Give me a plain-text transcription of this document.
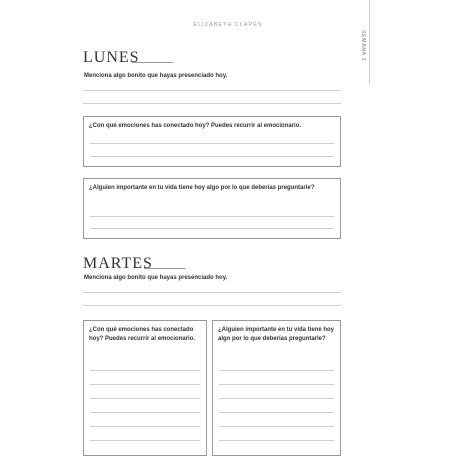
ELIZABETH CLAPÉS
SEMANA 1
LUNES
Menciona algo bonito que hayas presenciado hoy.
¿Con qué emociones has conectado hoy? Puedes recurrir al emocionario.
¿Alguien importante en tu vida tiene hoy algo por lo que deberías preguntarle?
MARTES
Menciona algo bonito que hayas presenciado hoy.
¿Con qué emociones has conectado hoy? Puedes recurrir al emocionario.
¿Alguien importante en tu vida tiene hoy algo por lo que deberías preguntarle?
